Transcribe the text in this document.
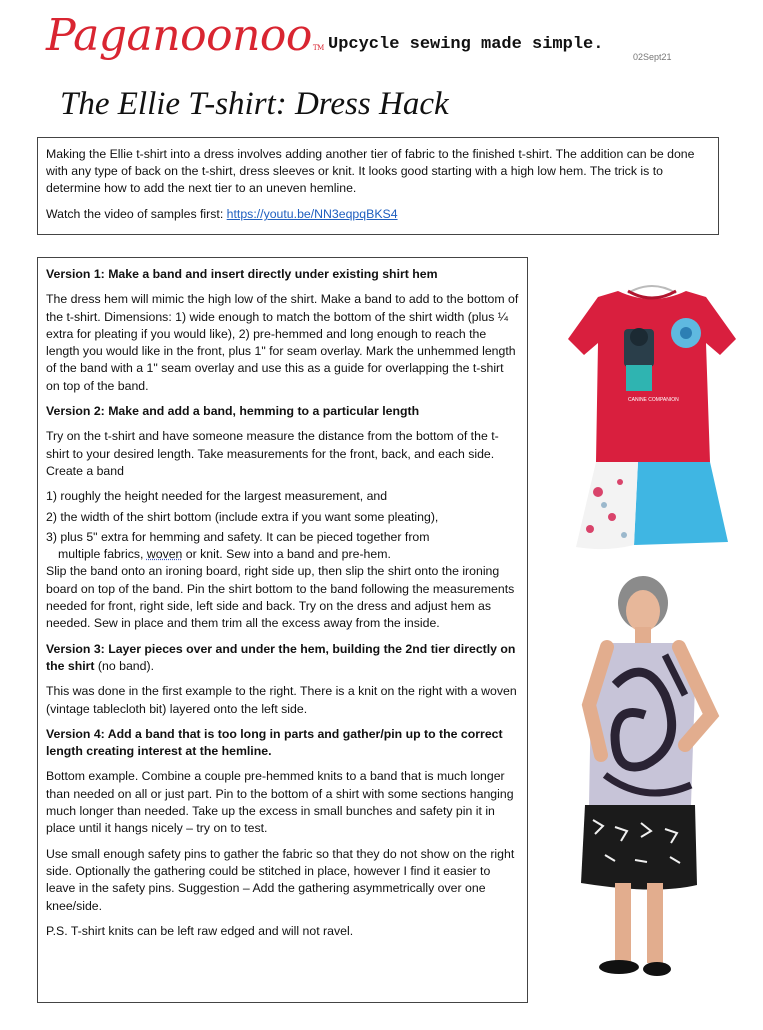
PaganoonooTM Upcycle sewing made simple.
02Sept21
The Ellie T-shirt: Dress Hack

Making the Ellie t-shirt into a dress involves adding another tier of fabric to the finished t-shirt. The addition can be done with any type of back on the t-shirt, dress sleeves or knit. It looks good starting with a high low hem. The trick is to determine how to add the next tier to an uneven hemline.

Watch the video of samples first: https://youtu.be/NN3eqpqBKS4

Version 1: Make a band and insert directly under existing shirt hem

The dress hem will mimic the high low of the shirt. Make a band to add to the bottom of the t-shirt. Dimensions: 1) wide enough to match the bottom of the shirt width (plus ¼ extra for pleating if you would like), 2) pre-hemmed and long enough to reach the length you would like in the front, plus 1" for seam overlay. Mark the unhemmed length of the band with a 1" seam overlay and use this as a guide for overlapping the t-shirt on top of the band.

Version 2: Make and add a band, hemming to a particular length

Try on the t-shirt and have someone measure the distance from the bottom of the t-shirt to your desired length. Take measurements for the front, back, and each side. Create a band

1) roughly the height needed for the largest measurement, and

2) the width of the shirt bottom (include extra if you want some pleating),

3) plus 5" extra for hemming and safety. It can be pieced together from
multiple fabrics, woven or knit. Sew into a band and pre-hem.

Slip the band onto an ironing board, right side up, then slip the shirt onto the ironing board on top of the band. Pin the shirt bottom to the band following the measurements needed for front, right side, left side and back. Try on the dress and adjust hem as needed. Sew in place and them trim all the excess away from the inside.

Version 3: Layer pieces over and under the hem, building the 2nd tier directly on the shirt (no band).

This was done in the first example to the right. There is a knit on the right with a woven (vintage tablecloth bit) layered onto the left side.

Version 4: Add a band that is too long in parts and gather/pin up to the correct length creating interest at the hemline.

Bottom example. Combine a couple pre-hemmed knits to a band that is much longer than needed on all or just part. Pin to the bottom of a shirt with some sections hanging much longer than needed. Take up the excess in small bunches and safety pin it in place until it hangs nicely – try on to test.

Use small enough safety pins to gather the fabric so that they do not show on the right side. Optionally the gathering could be stitched in place, however I find it easier to leave in the safety pins. Suggestion – Add the gathering asymmetrically over one knee/side.

P.S. T-shirt knits can be left raw edged and will not ravel.

CANINE COMPANION
